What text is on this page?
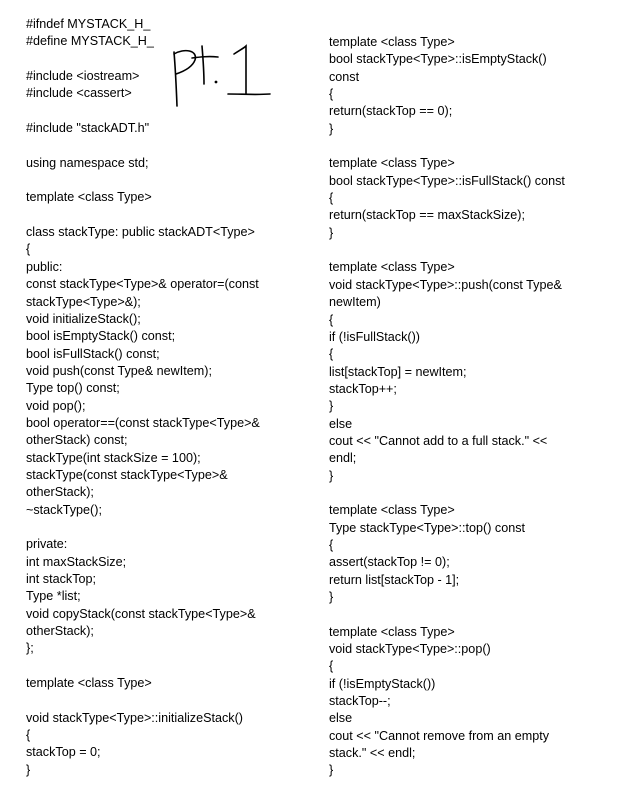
#ifndef MYSTACK_H_
#define MYSTACK_H_
#include <iostream>
#include <cassert>
#include "stackADT.h"
using namespace std;
template <class Type>
class stackType: public stackADT<Type>
{
public:
const stackType<Type>& operator=(const
stackType<Type>&);
void initializeStack();
bool isEmptyStack() const;
bool isFullStack() const;
void push(const Type& newItem);
Type top() const;
void pop();
bool operator==(const stackType<Type>&
otherStack) const;
stackType(int stackSize = 100);
stackType(const stackType<Type>&
otherStack);
~stackType();
private:
int maxStackSize;
int stackTop;
Type *list;
void copyStack(const stackType<Type>&
otherStack);
};
template <class Type>
void stackType<Type>::initializeStack()
{
stackTop = 0;
}
template <class Type>
bool stackType<Type>::isEmptyStack()
const
{
return(stackTop == 0);
}
template <class Type>
bool stackType<Type>::isFullStack() const
{
return(stackTop == maxStackSize);
}
template <class Type>
void stackType<Type>::push(const Type&
newItem)
{
if (!isFullStack())
{
list[stackTop] = newItem;
stackTop++;
}
else
cout << "Cannot add to a full stack." <<
endl;
}
template <class Type>
Type stackType<Type>::top() const
{
assert(stackTop != 0);
return list[stackTop - 1];
}
template <class Type>
void stackType<Type>::pop()
{
if (!isEmptyStack())
stackTop--;
else
cout << "Cannot remove from an empty
stack." << endl;
}
